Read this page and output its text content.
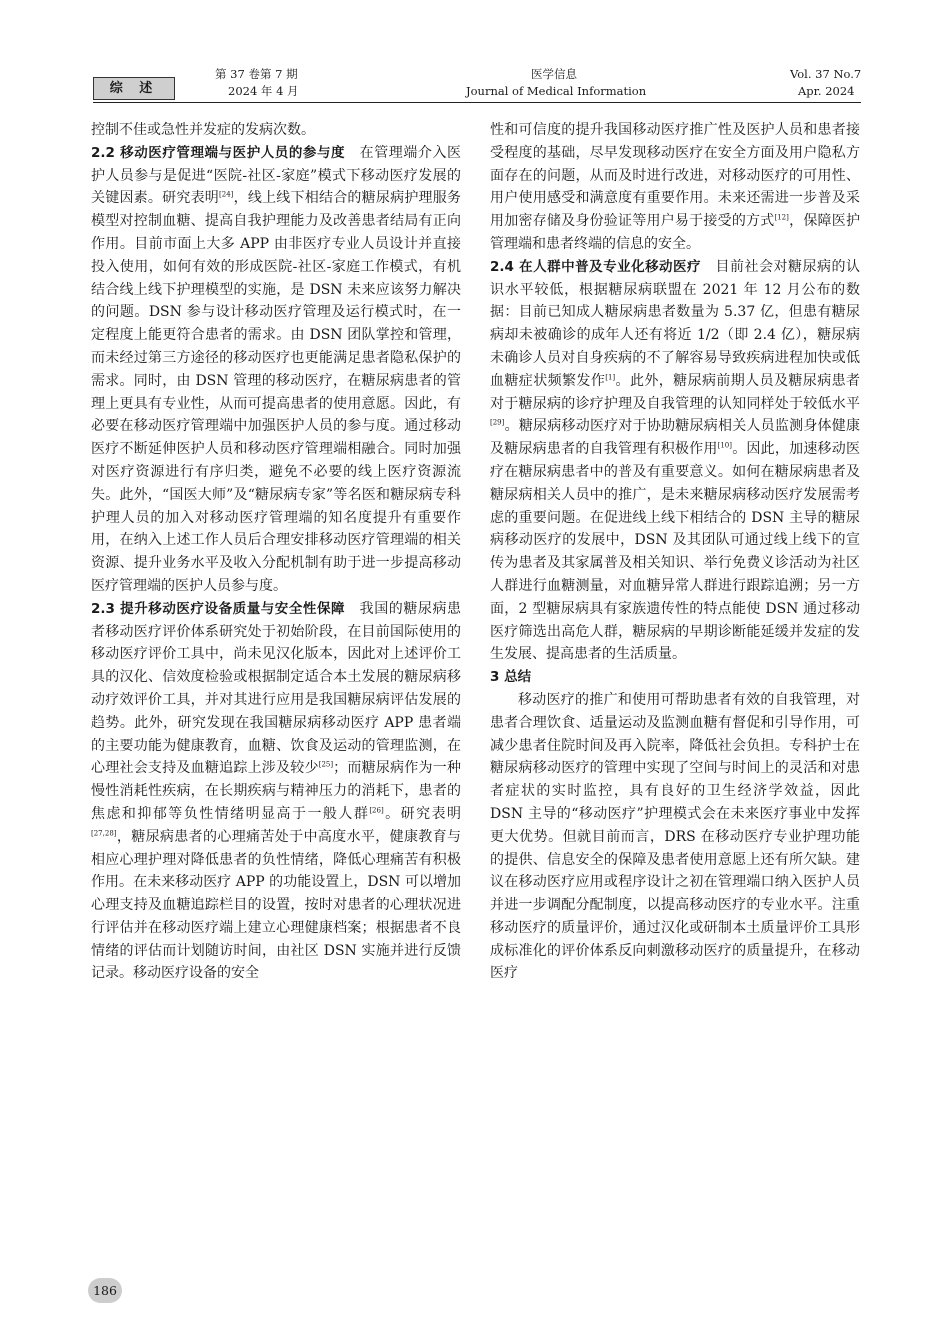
综 述
第 37 卷第 7 期
2024 年 4 月
医学信息
Journal of Medical Information
Vol. 37 No.7
Apr. 2024

控制不佳或急性并发症的发病次数。

2.2 移动医疗管理端与医护人员的参与度　 在管理端介入医护人员参与是促进“医院-社区-家庭”模式下移动医疗发展的关键因素。研究表明[24]，线上线下相结合的糖尿病护理服务模型对控制血糖、提高自我护理能力及改善患者结局有正向作用。目前市面上大多 APP 由非医疗专业人员设计并直接投入使用，如何有效的形成医院-社区-家庭工作模式，有机结合线上线下护理模型的实施，是 DSN 未来应该努力解决的问题。DSN 参与设计移动医疗管理及运行模式时，在一定程度上能更符合患者的需求。由 DSN 团队掌控和管理，而未经过第三方途径的移动医疗也更能满足患者隐私保护的需求。同时，由 DSN 管理的移动医疗，在糖尿病患者的管理上更具有专业性，从而可提高患者的使用意愿。因此，有必要在移动医疗管理端中加强医护人员的参与度。通过移动医疗不断延伸医护人员和移动医疗管理端相融合。同时加强对医疗资源进行有序归类，避免不必要的线上医疗资源流失。此外，“国医大师”及“糖尿病专家”等名医和糖尿病专科护理人员的加入对移动医疗管理端的知名度提升有重要作用，在纳入上述工作人员后合理安排移动医疗管理端的相关资源、提升业务水平及收入分配机制有助于进一步提高移动医疗管理端的医护人员参与度。

2.3 提升移动医疗设备质量与安全性保障　 我国的糖尿病患者移动医疗评价体系研究处于初始阶段，在目前国际使用的移动医疗评价工具中，尚未见汉化版本，因此对上述评价工具的汉化、信效度检验或根据制定适合本土发展的糖尿病移动疗效评价工具，并对其进行应用是我国糖尿病评估发展的趋势。此外，研究发现在我国糖尿病移动医疗 APP 患者端的主要功能为健康教育，血糖、饮食及运动的管理监测，在心理社会支持及血糖追踪上涉及较少[25]；而糖尿病作为一种慢性消耗性疾病，在长期疾病与精神压力的消耗下，患者的焦虑和抑郁等负性情绪明显高于一般人群[26]。研究表明[27,28]，糖尿病患者的心理痛苦处于中高度水平，健康教育与相应心理护理对降低患者的负性情绪，降低心理痛苦有积极作用。在未来移动医疗 APP 的功能设置上，DSN 可以增加心理支持及血糖追踪栏目的设置，按时对患者的心理状况进行评估并在移动医疗端上建立心理健康档案；根据患者不良情绪的评估而计划随访时间，由社区 DSN 实施并进行反馈记录。移动医疗设备的安全

性和可信度的提升我国移动医疗推广性及医护人员和患者接受程度的基础，尽早发现移动医疗在安全方面及用户隐私方面存在的问题，从而及时进行改进，对移动医疗的可用性、用户使用感受和满意度有重要作用。未来还需进一步普及采用加密存储及身份验证等用户易于接受的方式[12]，保障医护管理端和患者终端的信息的安全。

2.4 在人群中普及专业化移动医疗　 目前社会对糖尿病的认识水平较低，根据糖尿病联盟在 2021 年 12 月公布的数据：目前已知成人糖尿病患者数量为 5.37 亿，但患有糖尿病却未被确诊的成年人还有将近 1/2（即 2.4 亿），糖尿病未确诊人员对自身疾病的不了解容易导致疾病进程加快或低血糖症状频繁发作[1]。此外，糖尿病前期人员及糖尿病患者对于糖尿病的诊疗护理及自我管理的认知同样处于较低水平[29]。糖尿病移动医疗对于协助糖尿病相关人员监测身体健康及糖尿病患者的自我管理有积极作用[10]。因此，加速移动医疗在糖尿病患者中的普及有重要意义。如何在糖尿病患者及糖尿病相关人员中的推广，是未来糖尿病移动医疗发展需考虑的重要问题。在促进线上线下相结合的 DSN 主导的糖尿病移动医疗的发展中，DSN 及其团队可通过线上线下的宣传为患者及其家属普及相关知识、举行免费义诊活动为社区人群进行血糖测量，对血糖异常人群进行跟踪追溯；另一方面，2 型糖尿病具有家族遗传性的特点能使 DSN 通过移动医疗筛选出高危人群，糖尿病的早期诊断能延缓并发症的发生发展、提高患者的生活质量。

3 总结

移动医疗的推广和使用可帮助患者有效的自我管理，对患者合理饮食、适量运动及监测血糖有督促和引导作用，可减少患者住院时间及再入院率，降低社会负担。专科护士在糖尿病移动医疗的管理中实现了空间与时间上的灵活和对患者症状的实时监控，具有良好的卫生经济学效益，因此 DSN 主导的“移动医疗”护理模式会在未来医疗事业中发挥更大优势。但就目前而言，DRS 在移动医疗专业护理功能的提供、信息安全的保障及患者使用意愿上还有所欠缺。建议在移动医疗应用或程序设计之初在管理端口纳入医护人员并进一步调配分配制度，以提高移动医疗的专业水平。注重移动医疗的质量评价，通过汉化或研制本土质量评价工具形成标准化的评价体系反向刺激移动医疗的质量提升，在移动医疗

186
